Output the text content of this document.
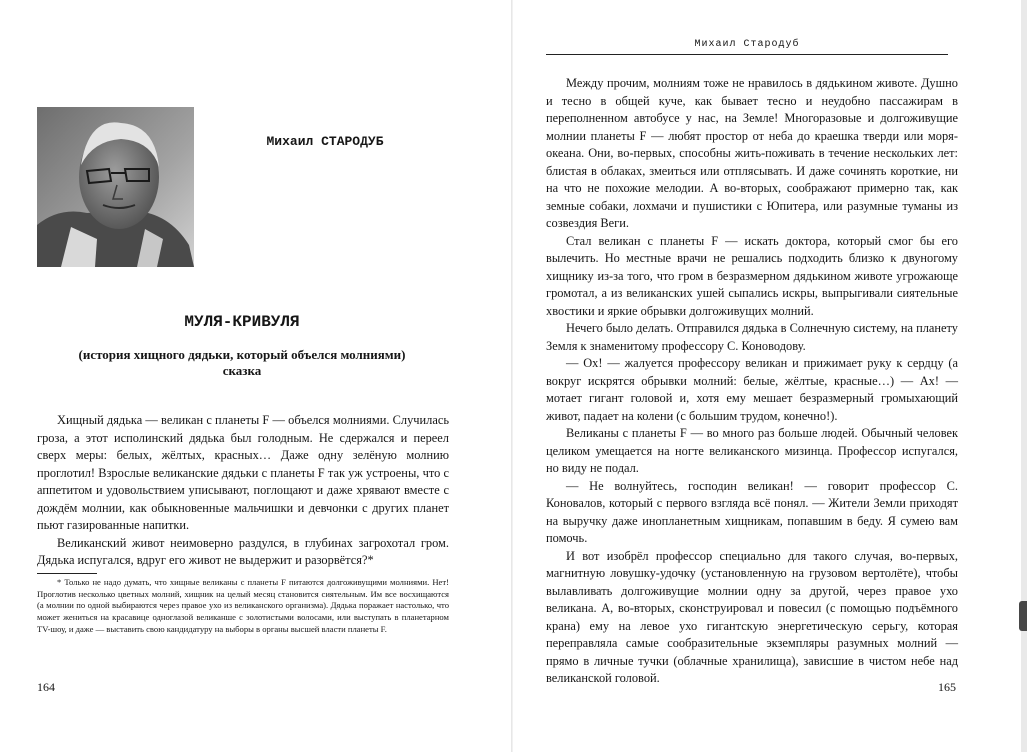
Михаил СТАРОДУБ
МУЛЯ-КРИВУЛЯ
(история хищного дядьки, который объелся молниями)
сказка

Хищный дядька — великан с планеты F — объелся молниями. Случилась гроза, а этот исполинский дядька был голодным. Не сдержался и переел сверх меры: белых, жёлтых, красных… Даже одну зелёную молнию проглотил! Взрослые великанские дядьки с планеты F так уж устроены, что с аппетитом и удовольствием уписывают, поглощают и даже хрявают вместе с дождём молнии, как обыкновенные мальчишки и девчонки с других планет пьют газированные напитки.

Великанский живот неимоверно раздулся, в глубинах загрохотал гром. Дядька испугался, вдруг его живот не выдержит и разорвётся?*

* Только не надо думать, что хищные великаны с планеты F питаются долгоживущими молниями. Нет! Проглотив несколько цветных молний, хищник на целый месяц становится сиятельным. Им все восхищаются (а молнии по одной выбираются через правое ухо из великанского организма). Дядька поражает настолько, что может жениться на красавице одноглазой великанше с золотистыми волосами, или выступать в планетарном TV-шоу, и даже — выставить свою кандидатуру на выборы в органы высшей власти планеты F.

164
Михаил Стародуб

Между прочим, молниям тоже не нравилось в дядькином животе. Душно и тесно в общей куче, как бывает тесно и неудобно пассажирам в переполненном автобусе у нас, на Земле! Многоразовые и долгоживущие молнии планеты F — любят простор от неба до краешка тверди или моря-океана. Они, во-первых, способны жить-поживать в течение нескольких лет: блистая в облаках, змеиться или отплясывать. И даже сочинять короткие, ни на что не похожие мелодии. А во-вторых, соображают примерно так, как земные собаки, лохмачи и пушистики с Юпитера, или разумные туманы из созвездия Веги.

Стал великан с планеты F — искать доктора, который смог бы его вылечить. Но местные врачи не решались подходить близко к двуногому хищнику из-за того, что гром в безразмерном дядькином животе угрожающе громотал, а из великанских ушей сыпались искры, выпрыгивали сиятельные хвостики и яркие обрывки долгоживущих молний.

Нечего было делать. Отправился дядька в Солнечную систему, на планету Земля к знаменитому профессору С. Коноводову.

— Ох! — жалуется профессору великан и прижимает руку к сердцу (а вокруг искрятся обрывки молний: белые, жёлтые, красные…) — Ах! — мотает гигант головой и, хотя ему мешает безразмерный громыхающий живот, падает на колени (с большим трудом, конечно!).

Великаны с планеты F — во много раз больше людей. Обычный человек целиком умещается на ногте великанского мизинца. Профессор испугался, но виду не подал.

— Не волнуйтесь, господин великан! — говорит профессор С. Коновалов, который с первого взгляда всё понял. — Жители Земли приходят на выручку даже инопланетным хищникам, попавшим в беду. Я сумею вам помочь.

И вот изобрёл профессор специально для такого случая, во-первых, магнитную ловушку-удочку (установленную на грузовом вертолёте), чтобы вылавливать долгоживущие молнии одну за другой, через правое ухо великана. А, во-вторых, сконструировал и повесил (с помощью подъёмного крана) ему на левое ухо гигантскую энергетическую серьгу, которая переправляла самые сообразительные экземпляры разумных молний — прямо в личные тучки (облачные хранилища), зависшие в чистом небе над великанской головой.

165
